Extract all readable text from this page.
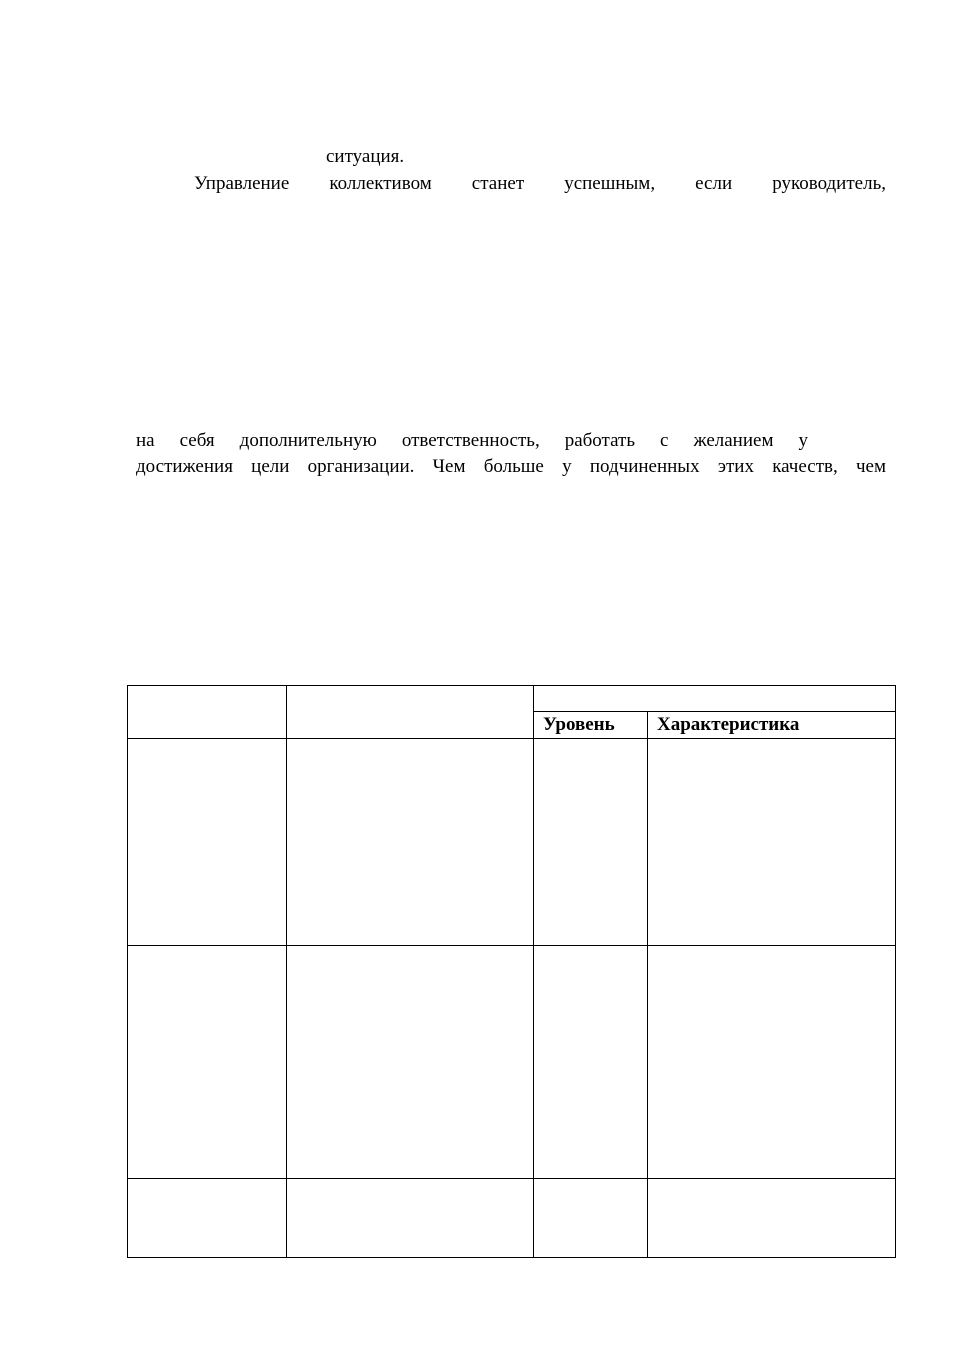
ситуация.
Управление коллективом станет успешным, если руководитель,
на себя дополнительную ответственность, работать с желанием у
достижения цели организации. Чем больше у подчиненных этих качеств, чем

		Уровень	Характеристика
